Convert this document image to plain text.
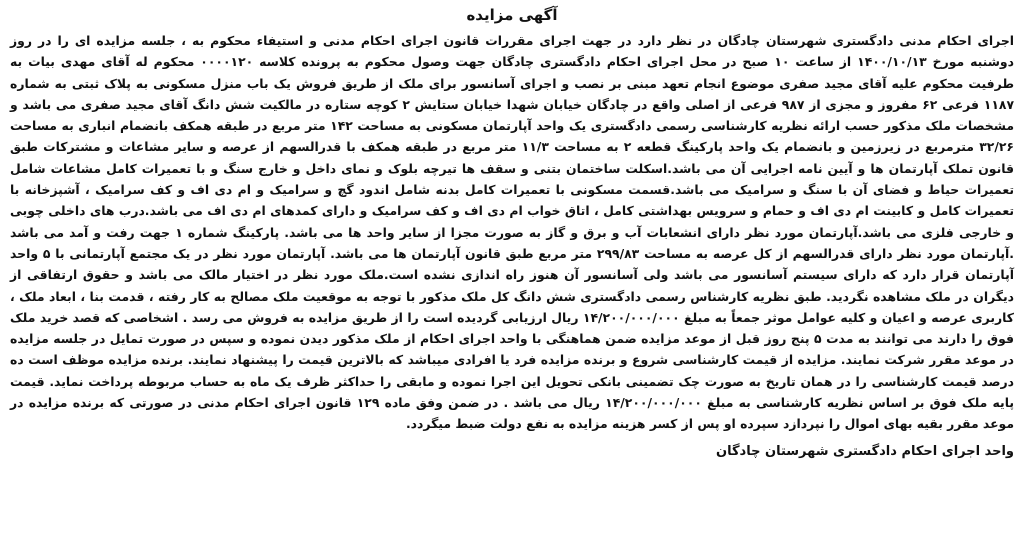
آگهی مزایده

اجرای احکام مدنی دادگستری شهرستان چادگان در نظر دارد در جهت اجرای مقررات قانون اجرای احکام مدنی و استیفاء محکوم به ، جلسه مزایده ای را در روز دوشنبه مورخ ۱۴۰۰/۱۰/۱۳ از ساعت ۱۰ صبح در محل اجرای احکام دادگستری چادگان جهت وصول محکوم به پرونده کلاسه ۰۰۰۰۱۲۰ محکوم له آقای مهدی بیات به طرفیت محکوم علیه آقای مجید صفری موضوع انجام تعهد مبنی بر نصب و اجرای آسانسور برای ملک از طریق فروش یک باب منزل مسکونی به پلاک ثبتی به شماره ۱۱۸۷ فرعی ۶۲ مفروز و مجزی از ۹۸۷ فرعی از اصلی واقع در چادگان خیابان شهدا خیابان ستایش ۲ کوچه ستاره در مالکیت شش دانگ آقای مجید صفری می باشد و مشخصات ملک مذکور حسب ارائه نظریه کارشناسی رسمی دادگستری یک واحد آپارتمان مسکونی به مساحت ۱۴۲ متر مربع در طبقه همکف بانضمام انباری به مساحت ۳۲/۲۶ مترمربع در زیرزمین و بانضمام یک واحد پارکینگ قطعه ۲ به مساحت ۱۱/۳ متر مربع در طبقه همکف با قدرالسهم از عرصه و سایر مشاعات و مشترکات طبق قانون تملک آپارتمان ها و آیین نامه اجرایی آن می باشد.اسکلت ساختمان بتنی و سقف ها تیرچه بلوک و نمای داخل و خارج سنگ و با تعمیرات کامل مشاعات شامل تعمیرات حیاط و فضای آن با سنگ و سرامیک می باشد.قسمت مسکونی با تعمیرات کامل بدنه شامل اندود گچ و سرامیک و ام دی اف و کف سرامیک ، آشپزخانه با تعمیرات کامل و کابینت ام دی اف و حمام و سرویس بهداشتی کامل ، اتاق خواب ام دی اف و کف سرامیک و دارای کمدهای ام دی اف می باشد.درب های داخلی چوبی و خارجی فلزی می باشد.آپارتمان مورد نظر دارای انشعابات آب و برق و گاز به صورت مجزا از سایر واحد ها می باشد. پارکینگ شماره ۱ جهت رفت و آمد می باشد .آپارتمان مورد نظر دارای قدرالسهم از کل عرصه به مساحت ۲۹۹/۸۳ متر مربع طبق قانون آپارتمان ها می باشد. آپارتمان مورد نظر در یک مجتمع آپارتمانی با ۵ واحد آپارتمان قرار دارد که دارای سیستم آسانسور می باشد ولی آسانسور آن هنوز راه اندازی نشده است.ملک مورد نظر در اختیار مالک می باشد و حقوق ارتفاقی از دیگران در ملک مشاهده نگردید. طبق نظریه کارشناس رسمی دادگستری شش دانگ کل ملک مذکور با توجه به موقعیت ملک مصالح به کار رفته ، قدمت بنا ، ابعاد ملک ، کاربری عرصه و اعیان و کلیه عوامل موثر جمعاً به مبلغ ۱۴/۲۰۰/۰۰۰/۰۰۰ ریال ارزیابی گردیده است را از طریق مزایده به فروش می رسد . اشخاصی که قصد خرید ملک فوق را دارند می توانند به مدت ۵ پنج روز قبل از موعد مزایده ضمن هماهنگی با واحد اجرای احکام از ملک مذکور دیدن نموده و سپس در صورت تمایل در جلسه مزایده در موعد مقرر شرکت نمایند. مزایده از قیمت کارشناسی شروع و برنده مزایده فرد یا افرادی میباشد که بالاترین قیمت را پیشنهاد نمایند. برنده مزایده موظف است ده درصد قیمت کارشناسی را در همان تاریخ به صورت چک تضمینی بانکی تحویل این اجرا نموده و مابقی را حداکثر ظرف یک ماه به حساب مربوطه پرداخت نماید. قیمت پایه ملک فوق بر اساس نظریه کارشناسی به مبلغ ۱۴/۲۰۰/۰۰۰/۰۰۰ ریال می باشد . در ضمن وفق ماده ۱۲۹ قانون اجرای احکام مدنی در صورتی که برنده مزایده در موعد مقرر بقیه بهای اموال را نپردازد سپرده او پس از کسر هزینه مزایده به نفع دولت ضبط میگردد.

واحد اجرای احکام دادگستری شهرستان چادگان
